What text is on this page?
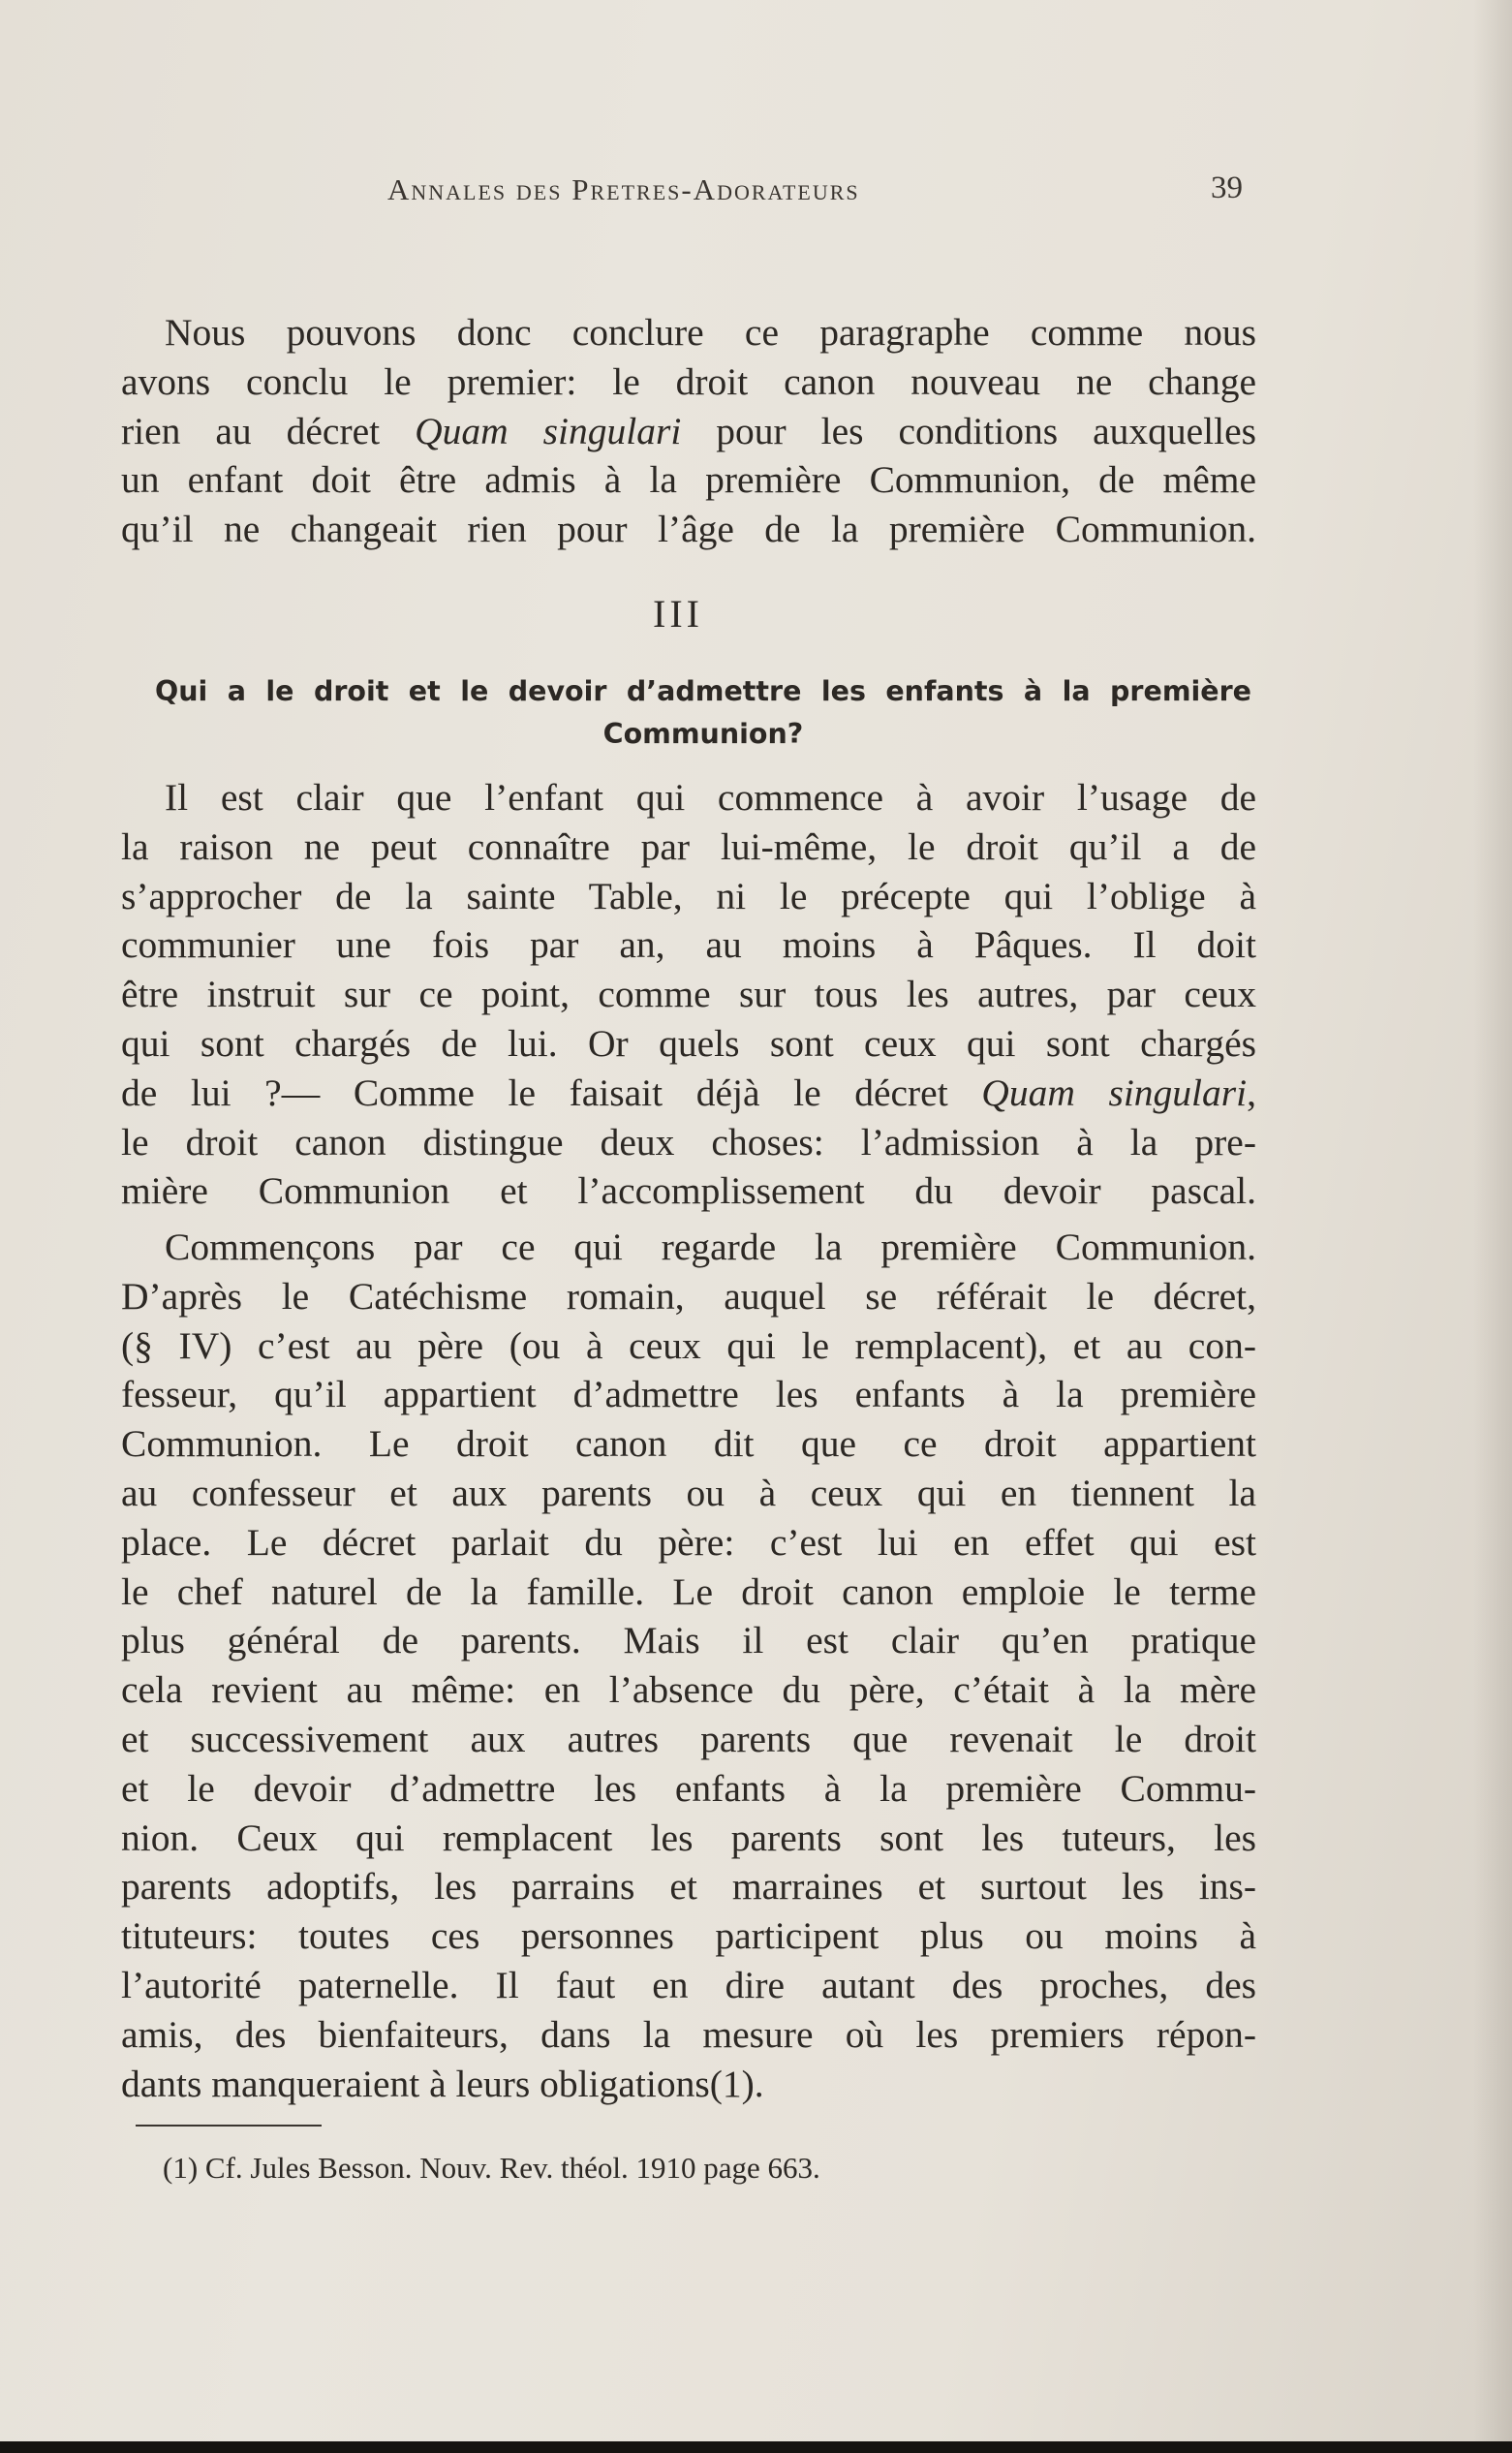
Annales des Pretres-Adorateurs	39

Nous pouvons donc conclure ce paragraphe comme nous
avons conclu le premier: le droit canon nouveau ne change
rien au décret Quam singulari pour les conditions auxquelles
un enfant doit être admis à la première Communion, de même
qu’il ne changeait rien pour l’âge de la première Communion.

III
Qui a le droit et le devoir d’admettre les enfants à la première
Communion?

Il est clair que l’enfant qui commence à avoir l’usage de
la raison ne peut connaître par lui-même, le droit qu’il a de
s’approcher de la sainte Table, ni le précepte qui l’oblige à
communier une fois par an, au moins à Pâques. Il doit
être instruit sur ce point, comme sur tous les autres, par ceux
qui sont chargés de lui. Or quels sont ceux qui sont chargés
de lui ?— Comme le faisait déjà le décret Quam singulari,
le droit canon distingue deux choses: l’admission à la pre-
mière Communion et l’accomplissement du devoir pascal.

Commençons par ce qui regarde la première Communion.
D’après le Catéchisme romain, auquel se référait le décret,
(§ IV) c’est au père (ou à ceux qui le remplacent), et au con-
fesseur, qu’il appartient d’admettre les enfants à la première
Communion. Le droit canon dit que ce droit appartient
au confesseur et aux parents ou à ceux qui en tiennent la
place. Le décret parlait du père: c’est lui en effet qui est
le chef naturel de la famille. Le droit canon emploie le terme
plus général de parents. Mais il est clair qu’en pratique
cela revient au même: en l’absence du père, c’était à la mère
et successivement aux autres parents que revenait le droit
et le devoir d’admettre les enfants à la première Commu-
nion. Ceux qui remplacent les parents sont les tuteurs, les
parents adoptifs, les parrains et marraines et surtout les ins-
tituteurs: toutes ces personnes participent plus ou moins à
l’autorité paternelle. Il faut en dire autant des proches, des
amis, des bienfaiteurs, dans la mesure où les premiers répon-
dants manqueraient à leurs obligations(1).

(1) Cf. Jules Besson. Nouv. Rev. théol. 1910 page 663.
